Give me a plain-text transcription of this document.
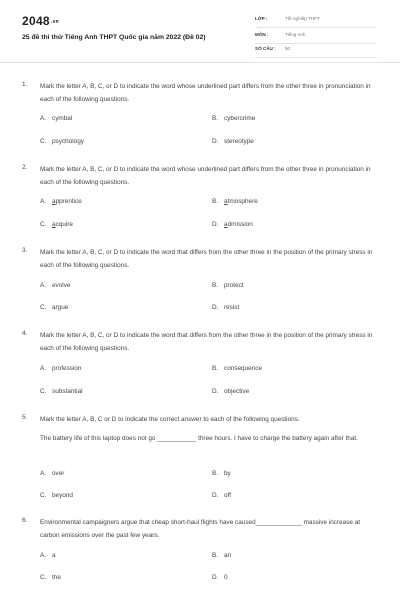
2048.vn
25 đề thi thử Tiếng Anh THPT Quốc gia năm 2022 (Đề 02)
LỚP :	Tốt nghiệp THPT
MÔN :	Tiếng Anh
SỐ CÂU : 50
1. Mark the letter A, B, C, or D to indicate the word whose underlined part differs from the other three in pronunciation in each of the following questions.

A. cymbal	B. cybercrime
C. psychology	D. stereotype
2. Mark the letter A, B, C, or D to indicate the word whose underlined part differs from the other three in pronunciation in each of the following questions.

A. apprentice	B. atmosphere
C. acquire	D. admission
3. Mark the letter A, B, C, or D to indicate the word that differs from the other three in the position of the primary stress in each of the following questions.

A. evolve	B. protect
C. argue	D. resist
4. Mark the letter A, B, C, or D to indicate the word that differs from the other three in the position of the primary stress in each of the following questions.

A. profession	B. consequence
C. substantial	D. objective
5. Mark the letter A, B, C or D to indicate the correct answer to each of the following questions.

The battery life of this laptop does not go ___________ three hours. I have to charge the battery again after that.

A. over	B. by
C. beyond	D. off
6. Environmental campaigners argue that cheap short-haul flights have caused_____________ massive increase at carbon emissions over the past few years.

A. a	B. an
C. the	D. 0
